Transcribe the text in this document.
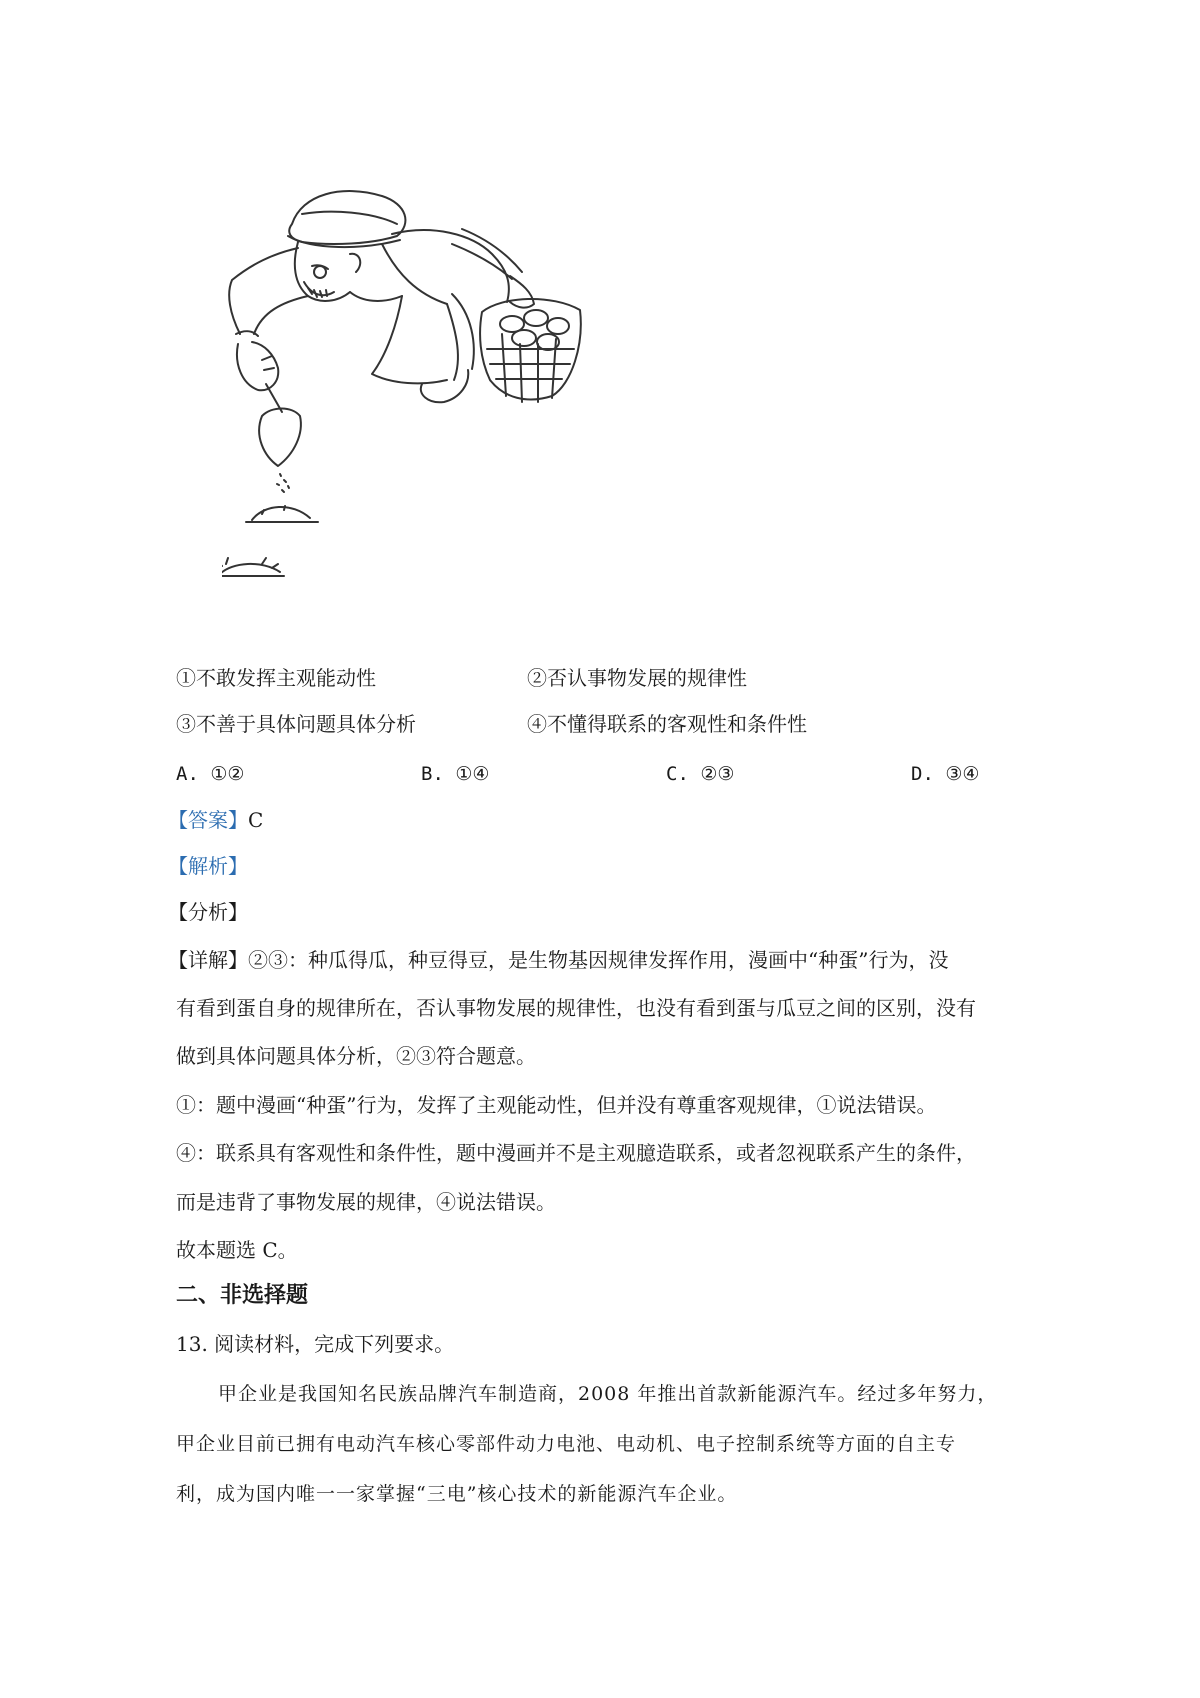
①不敢发挥主观能动性	②否认事物发展的规律性
③不善于具体问题具体分析	④不懂得联系的客观性和条件性
A. ①②	B. ①④	C. ②③	D. ③④
【答案】C
【解析】
【分析】
【详解】②③：种瓜得瓜，种豆得豆，是生物基因规律发挥作用，漫画中“种蛋”行为，没
有看到蛋自身的规律所在，否认事物发展的规律性，也没有看到蛋与瓜豆之间的区别，没有
做到具体问题具体分析，②③符合题意。
①：题中漫画“种蛋”行为，发挥了主观能动性，但并没有尊重客观规律，①说法错误。
④：联系具有客观性和条件性，题中漫画并不是主观臆造联系，或者忽视联系产生的条件，
而是违背了事物发展的规律，④说法错误。
故本题选 C。
二、非选择题
13. 阅读材料，完成下列要求。
甲企业是我国知名民族品牌汽车制造商，2008 年推出首款新能源汽车。经过多年努力，
甲企业目前已拥有电动汽车核心零部件动力电池、电动机、电子控制系统等方面的自主专
利，成为国内唯一一家掌握“三电”核心技术的新能源汽车企业。
